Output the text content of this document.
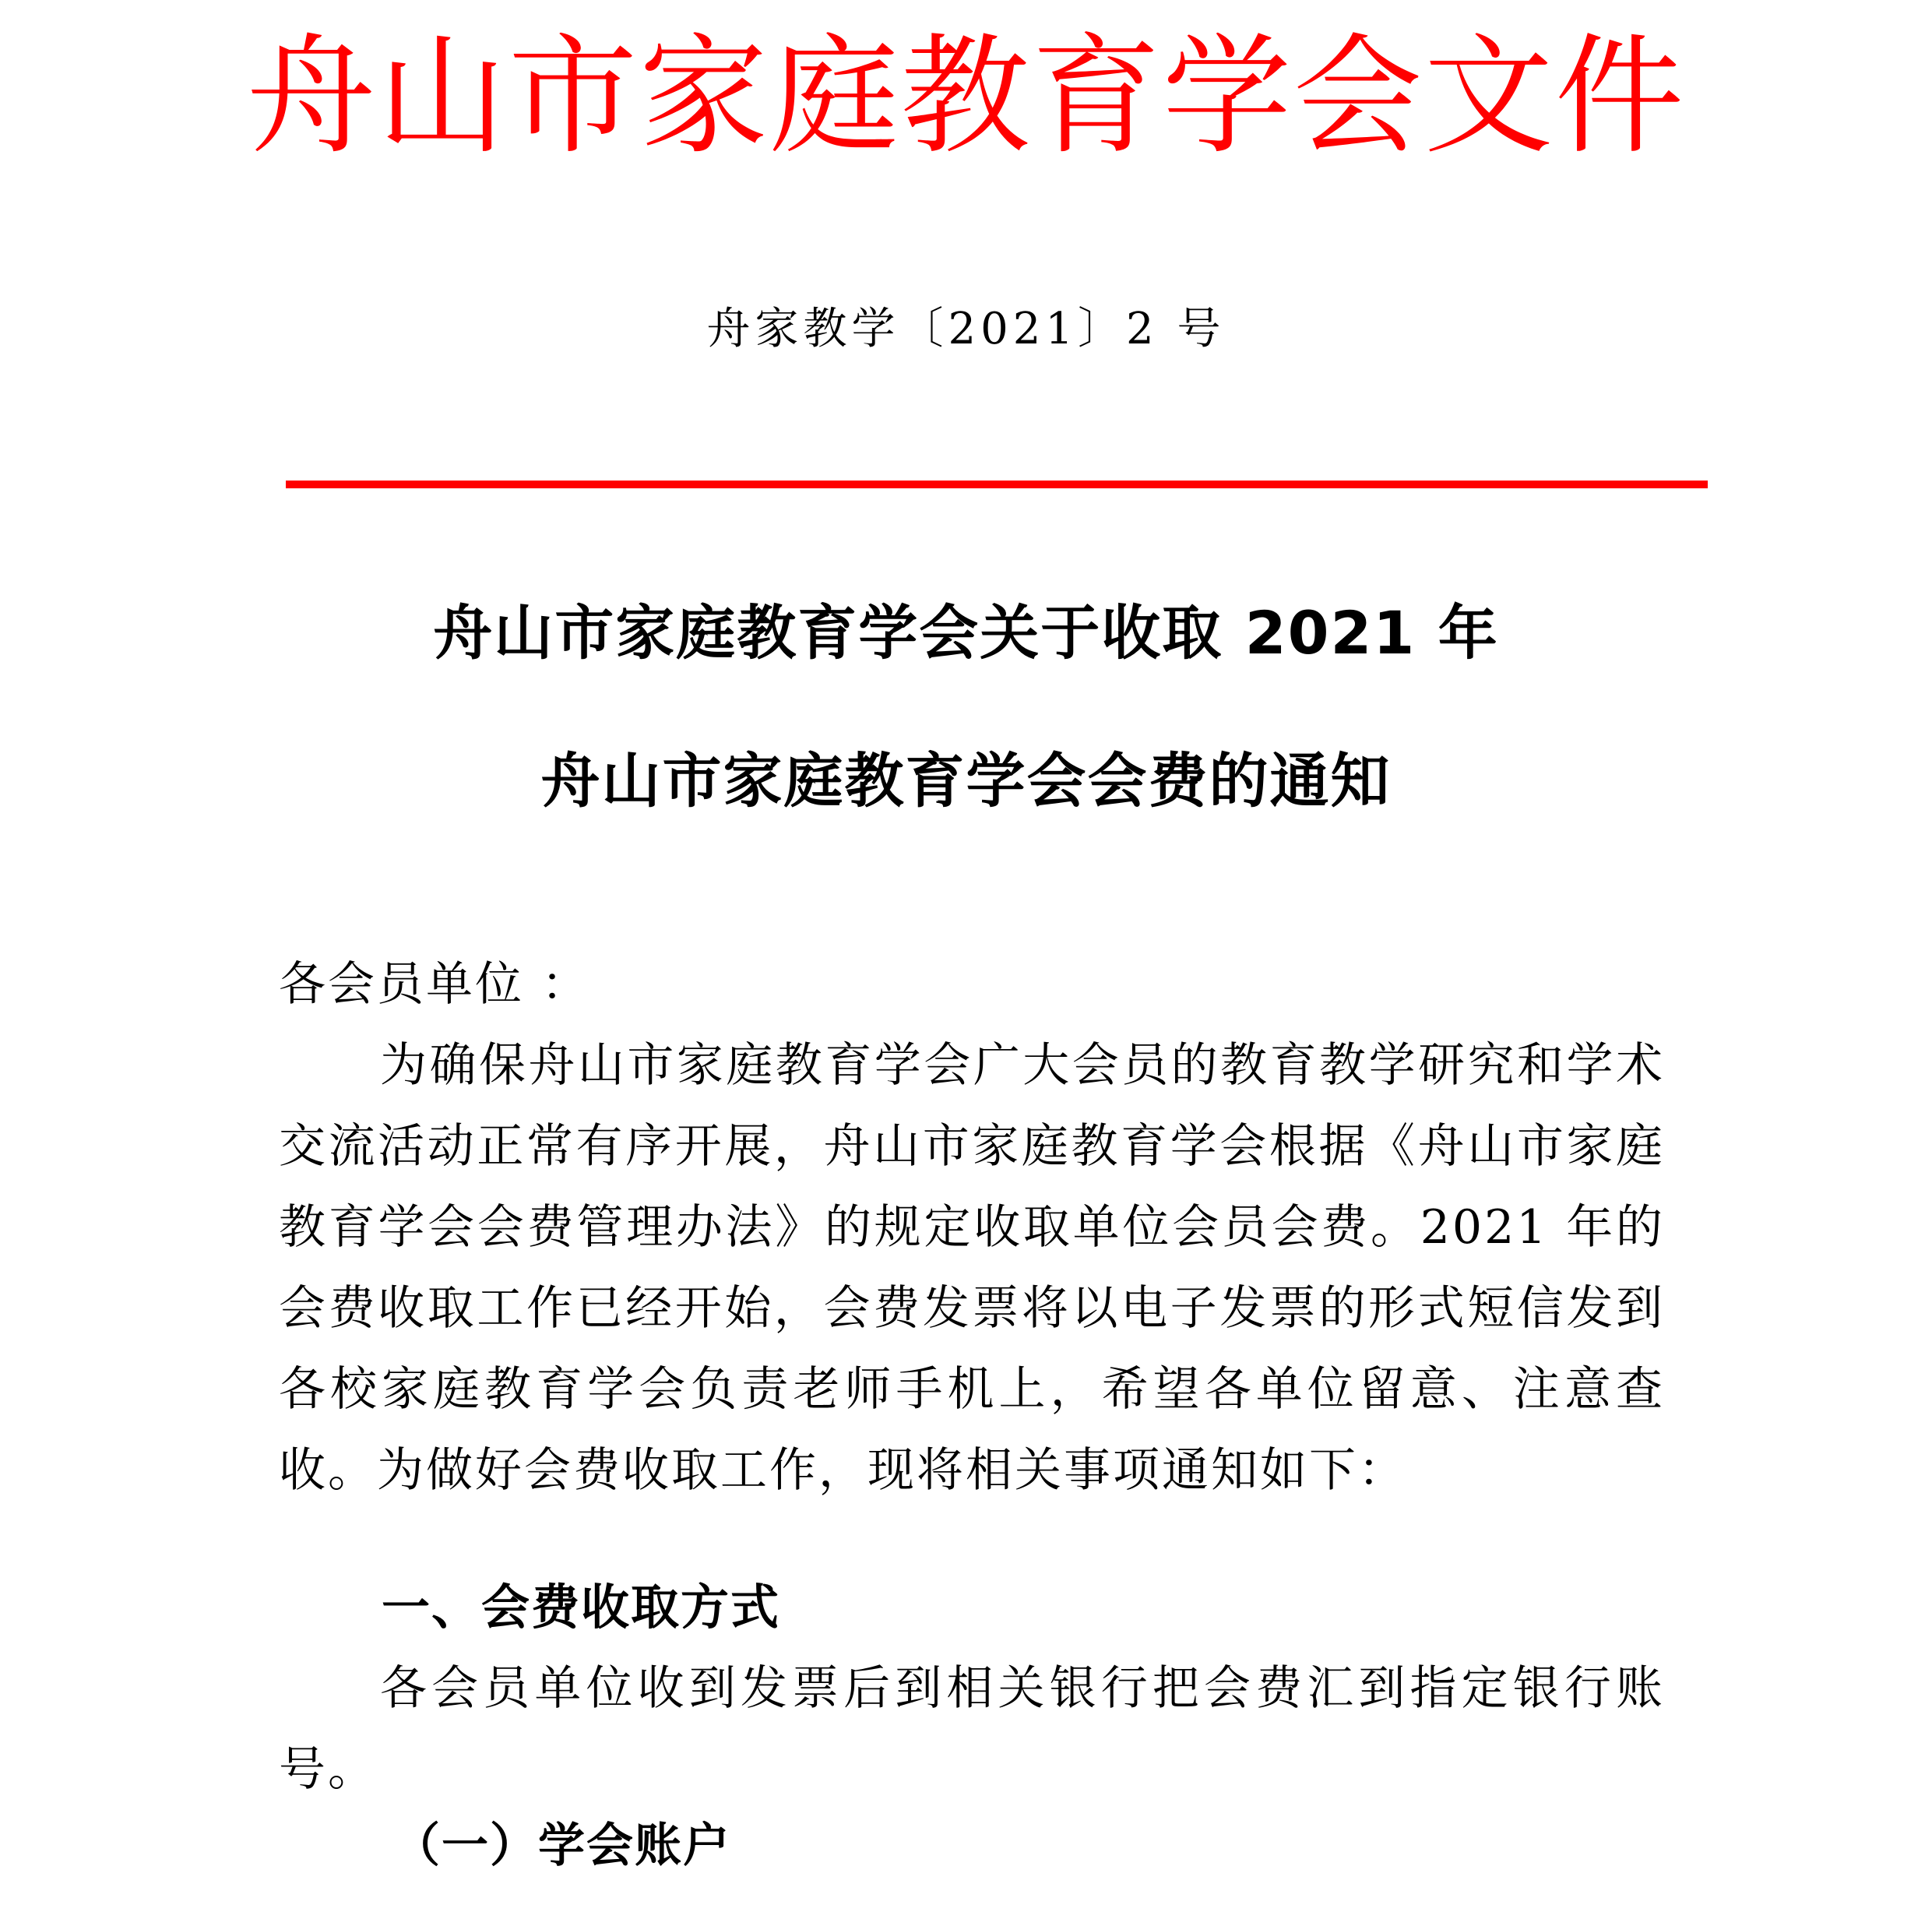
舟山市家庭教育学会文件
舟家教学〔2021〕2 号
舟山市家庭教育学会关于收取 2021 年
舟山市家庭教育学会会费的通知
各会员单位 ：
为确保舟山市家庭教育学会广大会员的教育教学研究和学术交流活动正常有序开展，舟山市家庭教育学会根据《舟山市家庭教育学会会费管理办法》的规定收取单位会员会费。2021 年的会费收取工作已经开始，会费发票将以电子发票的形式短信发到各校家庭教育学会负责老师手机上，希望各单位留意、注意查收。为做好会费收取工作，现将相关事项通知如下：
一、会费收取方式
各会员单位收到发票后到相关银行把会费汇到指定银行账号。
（一）学会账户
